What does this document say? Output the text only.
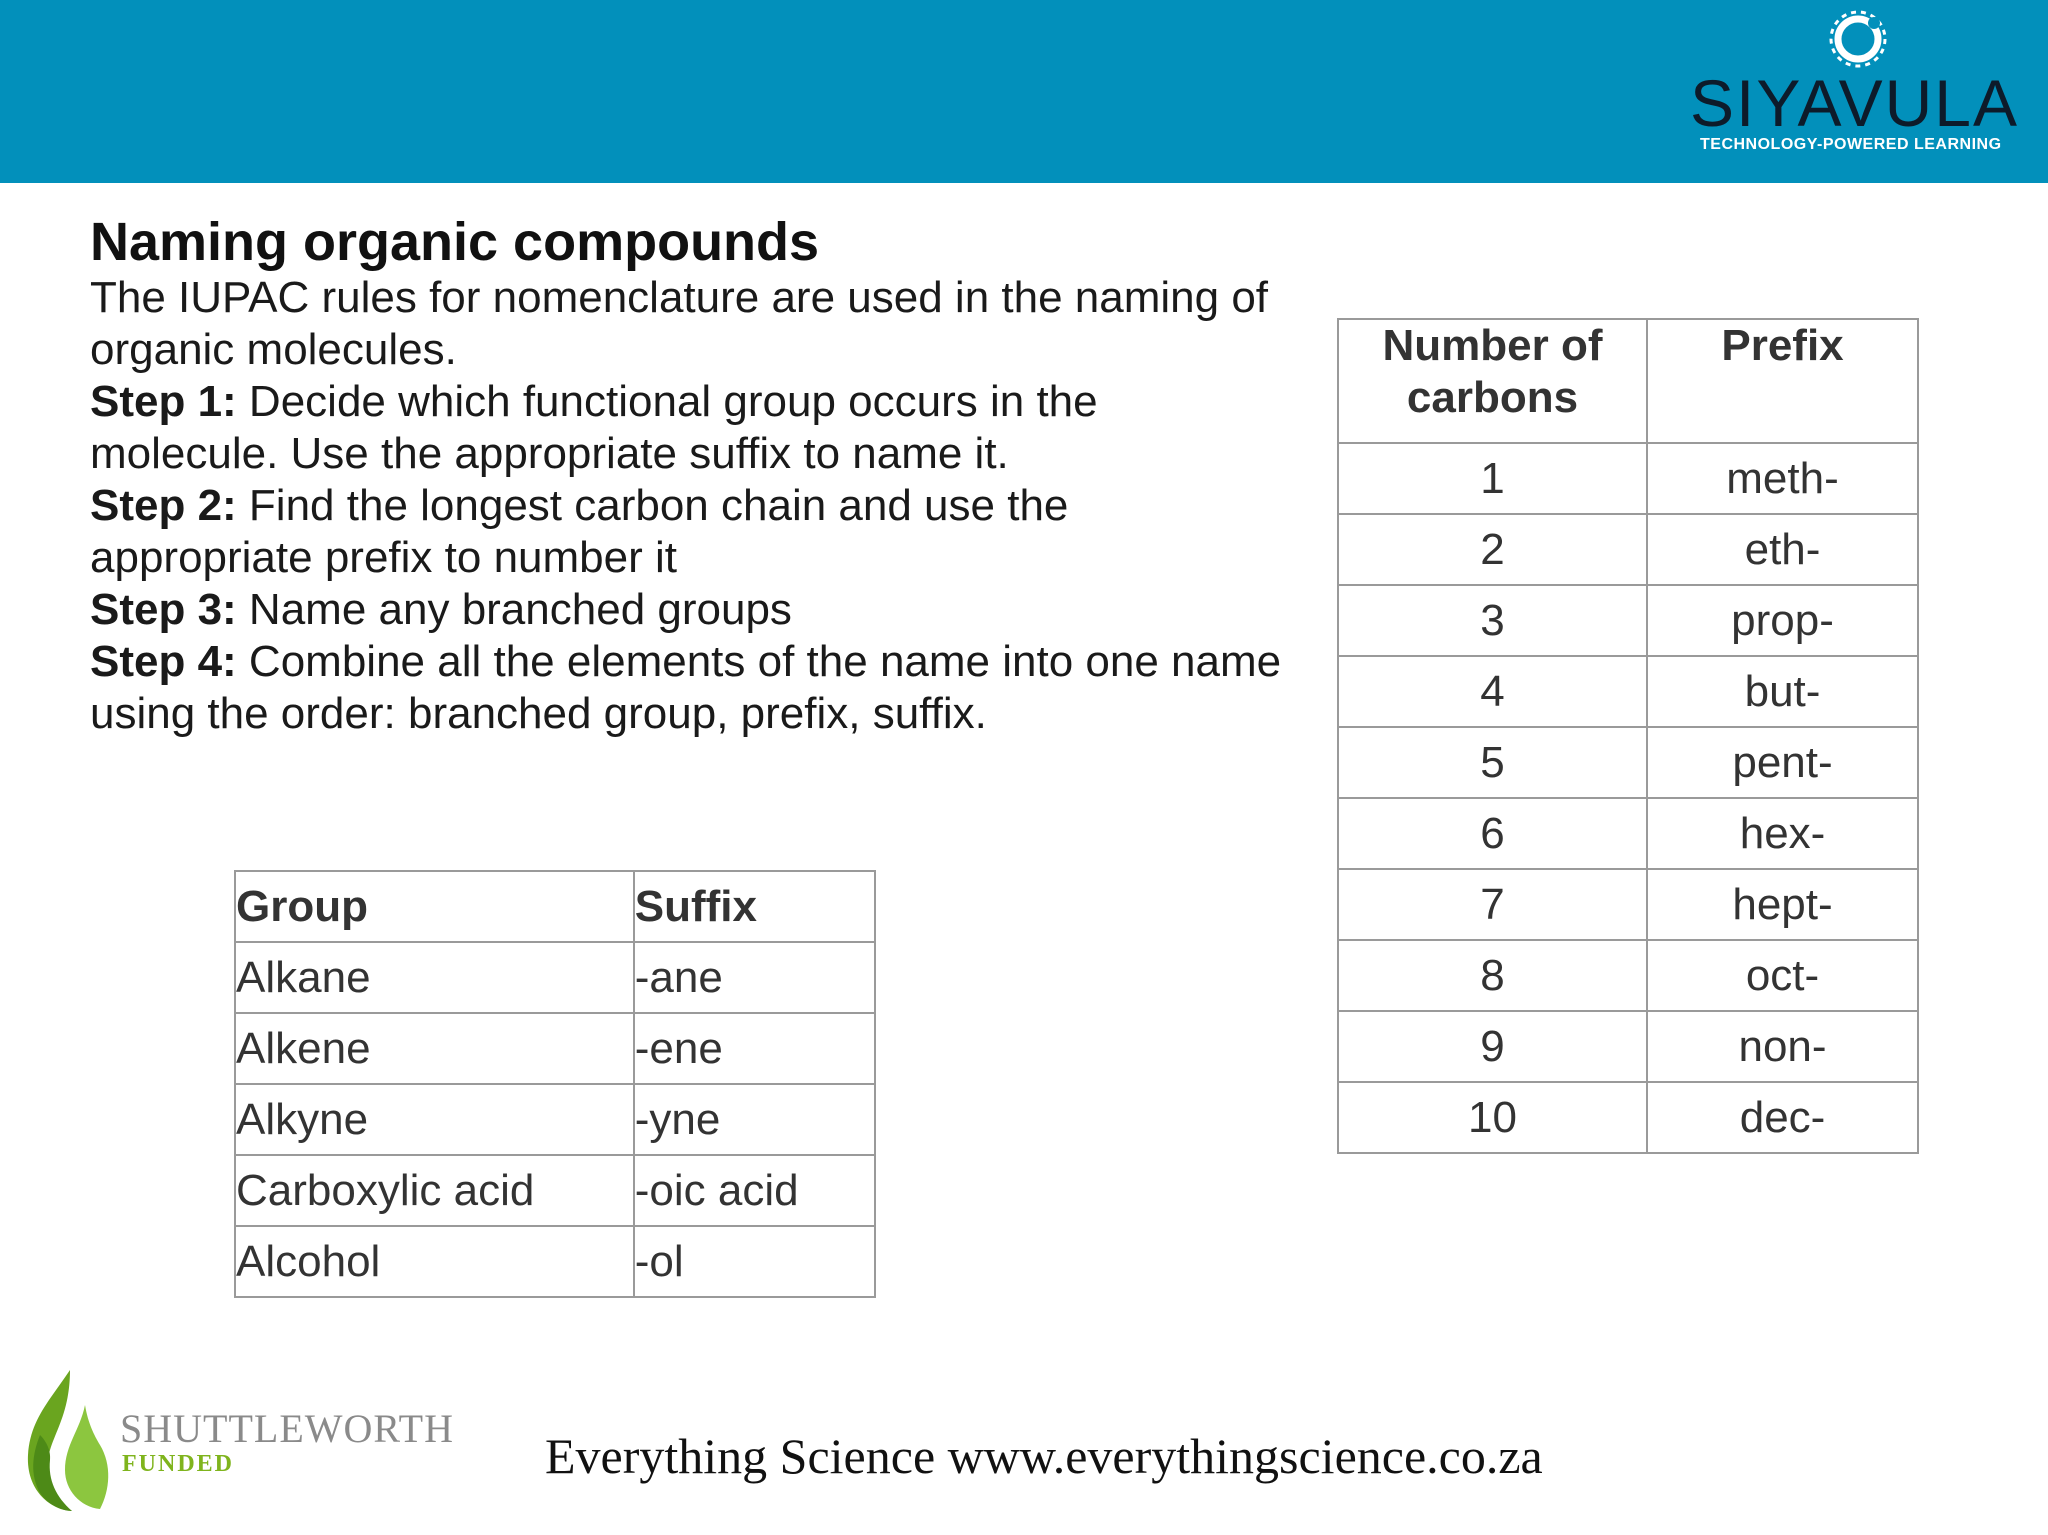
SIYAVULA
TECHNOLOGY-POWERED LEARNING
Naming organic compounds

The IUPAC rules for nomenclature are used in the naming of organic molecules.
Step 1: Decide which functional group occurs in the molecule. Use the appropriate suffix to name it.
Step 2: Find the longest carbon chain and use the appropriate prefix to number it
Step 3: Name any branched groups
Step 4: Combine all the elements of the name into one name using the order: branched group, prefix, suffix.

Group	Suffix
Alkane	-ane
Alkene	-ene
Alkyne	-yne
Carboxylic acid	-oic acid
Alcohol	-ol
Number of carbons	Prefix
1	meth-
2	eth-
3	prop-
4	but-
5	pent-
6	hex-
7	hept-
8	oct-
9	non-
10	dec-
SHUTTLEWORTH
FUNDED	Everything Science www.everythingscience.co.za
